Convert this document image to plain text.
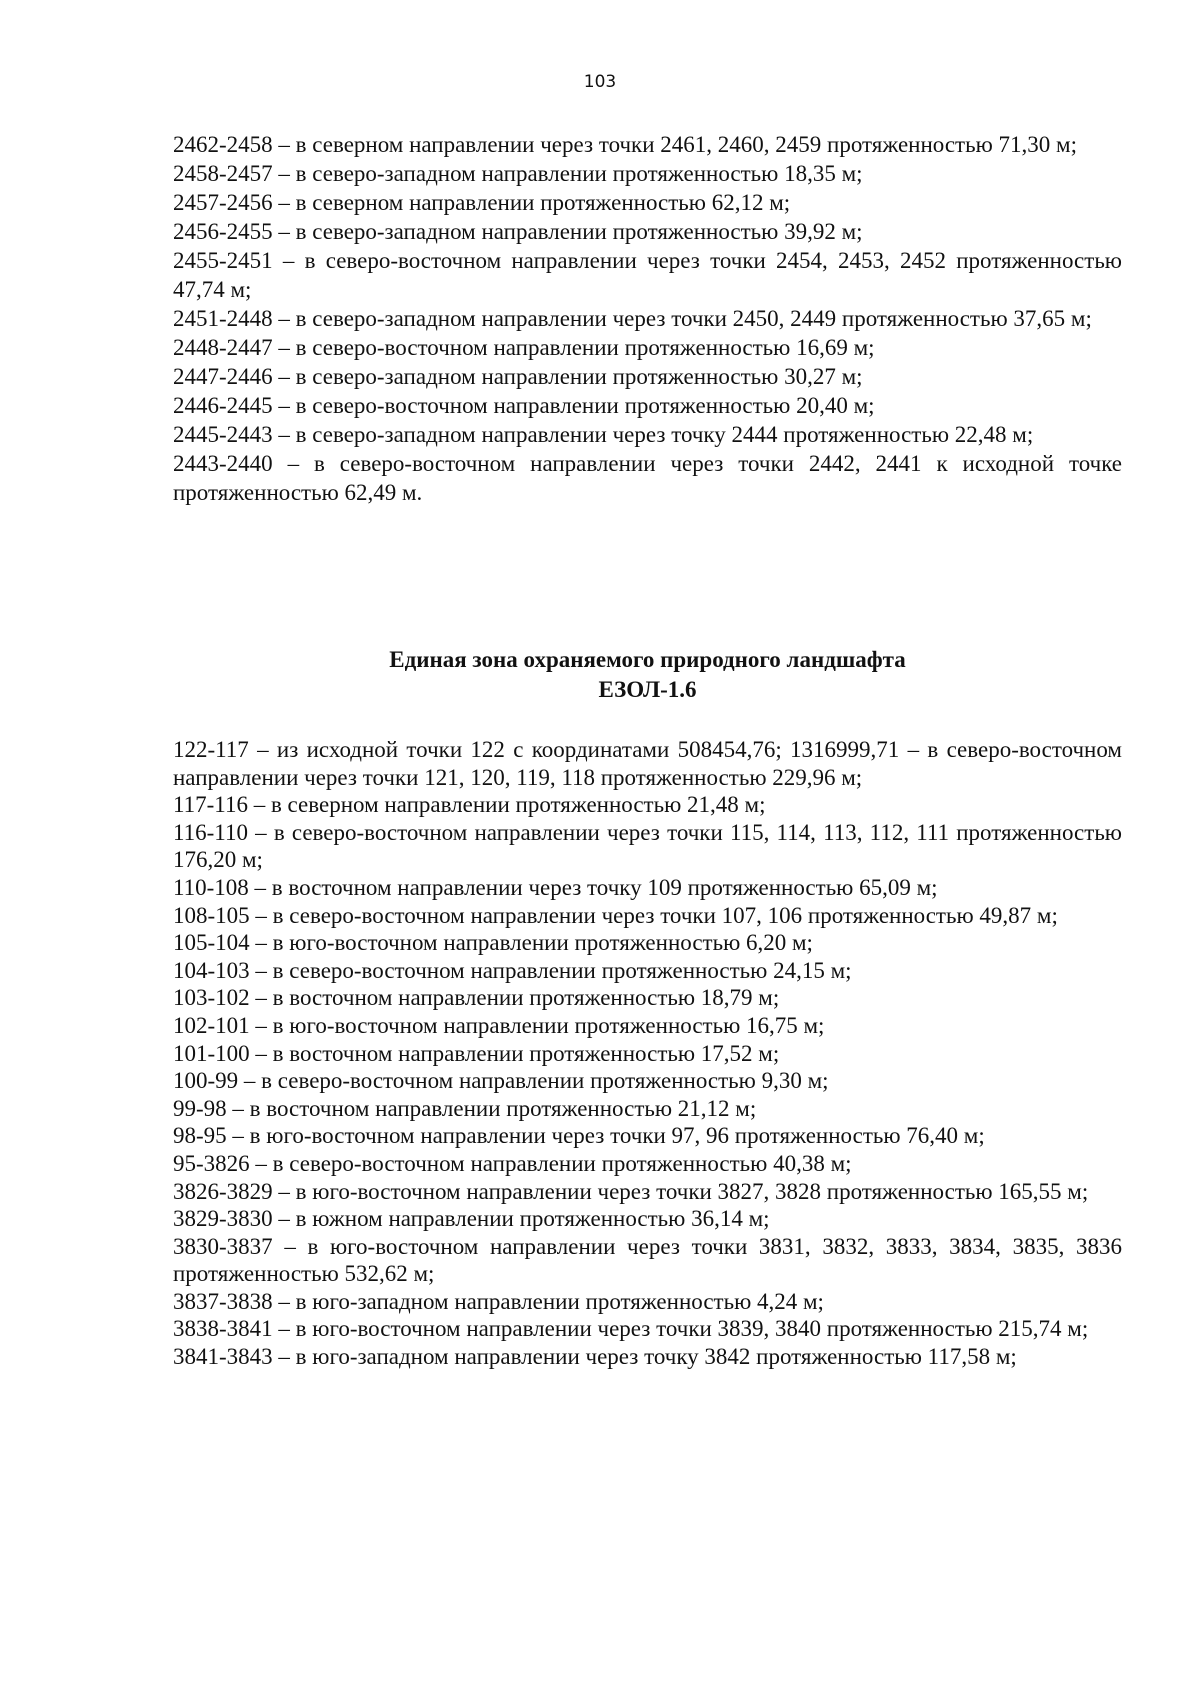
103

2462-2458 – в северном направлении через точки 2461, 2460, 2459 протяженностью 71,30 м;

2458-2457 – в северо-западном направлении протяженностью 18,35 м;

2457-2456 – в северном направлении протяженностью 62,12 м;

2456-2455 – в северо-западном направлении протяженностью 39,92 м;

2455-2451 – в северо-восточном направлении через точки 2454, 2453, 2452 протяженностью 47,74 м;

2451-2448 – в северо-западном направлении через точки 2450, 2449 протяженностью 37,65 м;

2448-2447 – в северо-восточном направлении протяженностью 16,69 м;

2447-2446 – в северо-западном направлении протяженностью 30,27 м;

2446-2445 – в северо-восточном направлении протяженностью 20,40 м;

2445-2443 – в северо-западном направлении через точку 2444 протяженностью 22,48 м;

2443-2440 – в северо-восточном направлении через точки 2442, 2441 к исходной точке протяженностью 62,49 м.

Единая зона охраняемого природного ландшафта
ЕЗОЛ-1.6

122-117 – из исходной точки 122 с координатами 508454,76; 1316999,71 – в северо-восточном направлении через точки 121, 120, 119, 118 протяженностью 229,96 м;

117-116 – в северном направлении протяженностью 21,48 м;

116-110 – в северо-восточном направлении через точки 115, 114, 113, 112, 111 протяженностью 176,20 м;

110-108 – в восточном направлении через точку 109 протяженностью 65,09 м;

108-105 – в северо-восточном направлении через точки 107, 106 протяженностью 49,87 м;

105-104 – в юго-восточном направлении протяженностью 6,20 м;

104-103 – в северо-восточном направлении протяженностью 24,15 м;

103-102 – в восточном направлении протяженностью 18,79 м;

102-101 – в юго-восточном направлении протяженностью 16,75 м;

101-100 – в восточном направлении протяженностью 17,52 м;

100-99 – в северо-восточном направлении протяженностью 9,30 м;

99-98 – в восточном направлении протяженностью 21,12 м;

98-95 – в юго-восточном направлении через точки 97, 96 протяженностью 76,40 м;

95-3826 – в северо-восточном направлении протяженностью 40,38 м;

3826-3829 – в юго-восточном направлении через точки 3827, 3828 протяженностью 165,55 м;

3829-3830 – в южном направлении протяженностью 36,14 м;

3830-3837 – в юго-восточном направлении через точки 3831, 3832, 3833, 3834, 3835, 3836 протяженностью 532,62 м;

3837-3838 – в юго-западном направлении протяженностью 4,24 м;

3838-3841 – в юго-восточном направлении через точки 3839, 3840 протяженностью 215,74 м;

3841-3843 – в юго-западном направлении через точку 3842 протяженностью 117,58 м;
